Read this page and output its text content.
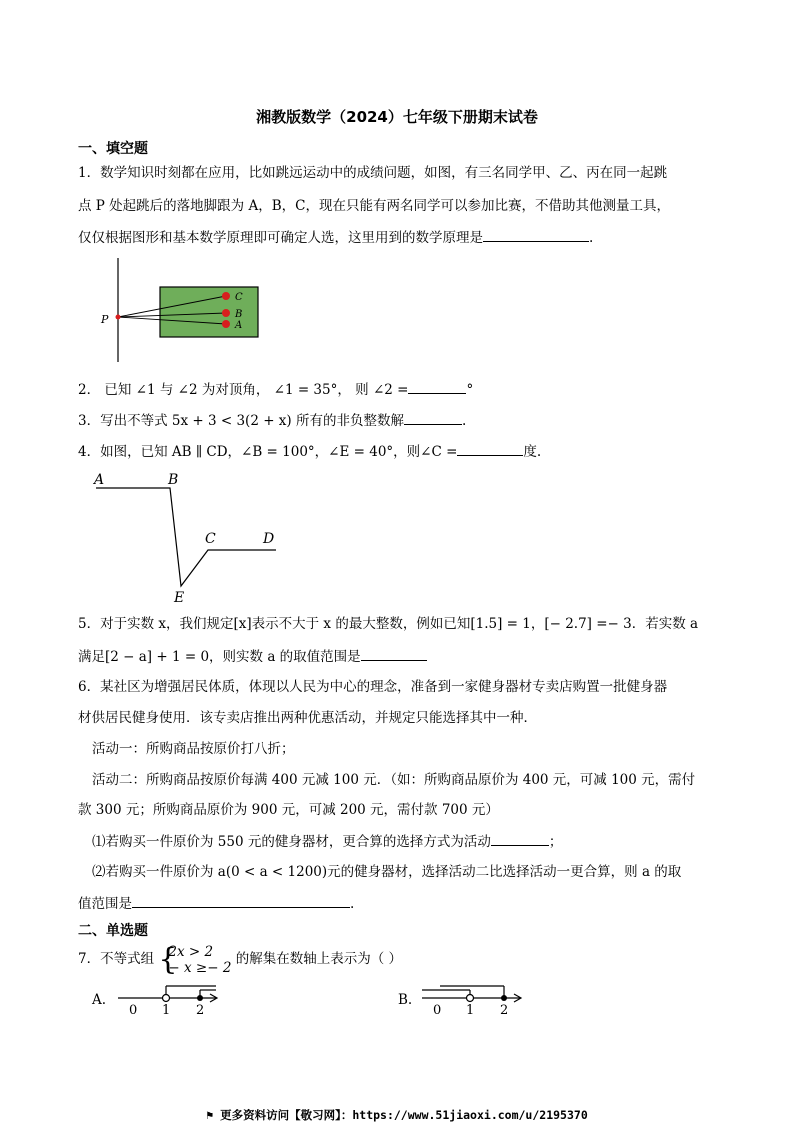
湘教版数学（2024）七年级下册期末试卷
一、填空题
1．数学知识时刻都在应用，比如跳远运动中的成绩问题，如图，有三名同学甲、乙、丙在同一起跳
点 P 处起跳后的落地脚跟为 A，B，C，现在只能有两名同学可以参加比赛，不借助其他测量工具，
仅仅根据图形和基本数学原理即可确定人选，这里用到的数学原理是	.
P
C
B
A
2． 已知 ∠1 与 ∠2 为对顶角， ∠1 = 35°， 则 ∠2 =	°
3．写出不等式 5x + 3 < 3(2 + x) 所有的非负整数解	.
4．如图，已知 AB ∥ CD，∠B = 100°，∠E = 40°，则∠C =	度.
A	B
C	D
E
5．对于实数 x，我们规定[x]表示不大于 x 的最大整数，例如已知[1.5] = 1，[− 2.7] =− 3．若实数 a
满足[2 − a] + 1 = 0，则实数 a 的取值范围是
6．某社区为增强居民体质，体现以人民为中心的理念，准备到一家健身器材专卖店购置一批健身器
材供居民健身使用．该专卖店推出两种优惠活动，并规定只能选择其中一种．
活动一：所购商品按原价打八折；
活动二：所购商品按原价每满 400 元减 100 元．（如：所购商品原价为 400 元，可减 100 元，需付
款 300 元；所购商品原价为 900 元，可减 200 元，需付款 700 元）
⑴若购买一件原价为 550 元的健身器材，更合算的选择方式为活动	；
⑵若购买一件原价为 a(0 < a < 1200)元的健身器材，选择活动二比选择活动一更合算，则 a 的取
值范围是	.
二、单选题
7．不等式组 {
2x > 2
− x ≥− 2
的解集在数轴上表示为（ ）
A.
0 1 2
B.
0 1 2
⚑ 更多资料访问【敬习网】：https://www.51jiaoxi.com/u/2195370
